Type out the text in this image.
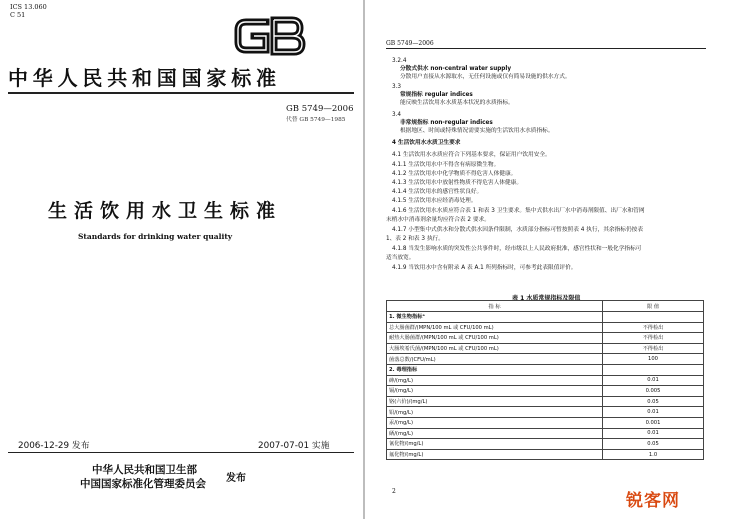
ICS 13.060
C 51
中华人民共和国国家标准
GB 5749—2006
代替 GB 5749—1985
生活饮用水卫生标准
Standards for drinking water quality
2006-12-29 发布	2007-07-01 实施
中华人民共和国卫生部
中国国家标准化管理委员会 发布
GB 5749—2006
3.2.4
分散式供水 non-central water supply
分散用户直接从水源取水，无任何设施或仅有简易设施的供水方式。
3.3
常规指标 regular indices
能反映生活饮用水水质基本状况的水质指标。
3.4
非常规指标 non-regular indices
根据地区、时间或特殊情况需要实施的生活饮用水水质指标。
4 生活饮用水水质卫生要求
4.1 生活饮用水水质应符合下列基本要求，保证用户饮用安全。
4.1.1 生活饮用水中不得含有病原微生物。
4.1.2 生活饮用水中化学物质不得危害人体健康。
4.1.3 生活饮用水中放射性物质不得危害人体健康。
4.1.4 生活饮用水的感官性状良好。
4.1.5 生活饮用水应经消毒处理。
4.1.6 生活饮用水水质应符合表 1 和表 3 卫生要求。集中式供水出厂水中消毒剂限值、出厂水和管网
末梢水中消毒剂余量均应符合表 2 要求。
4.1.7 小型集中式供水和分散式供水因条件限制，水质部分指标可暂按照表 4 执行，其余指标仍按表
1、表 2 和表 3 执行。
4.1.8 当发生影响水质的突发性公共事件时，经市级以上人民政府批准，感官性状和一般化学指标可
适当放宽。
4.1.9 当饮用水中含有附录 A 表 A.1 所列指标时，可参考此表限值评价。
表 1 水质常规指标及限值
指 标	限 值
1. 微生物指标ᵃ	
总大肠菌群/(MPN/100 mL 或 CFU/100 mL)	不得检出
耐热大肠菌群/(MPN/100 mL 或 CFU/100 mL)	不得检出
大肠埃希氏菌/(MPN/100 mL 或 CFU/100 mL)	不得检出
菌落总数/(CFU/mL)	100
2. 毒理指标	
砷/(mg/L)	0.01
镉/(mg/L)	0.005
铬(六价)/(mg/L)	0.05
铅/(mg/L)	0.01
汞/(mg/L)	0.001
硒/(mg/L)	0.01
氰化物/(mg/L)	0.05
氟化物/(mg/L)	1.0
2	锐客网
